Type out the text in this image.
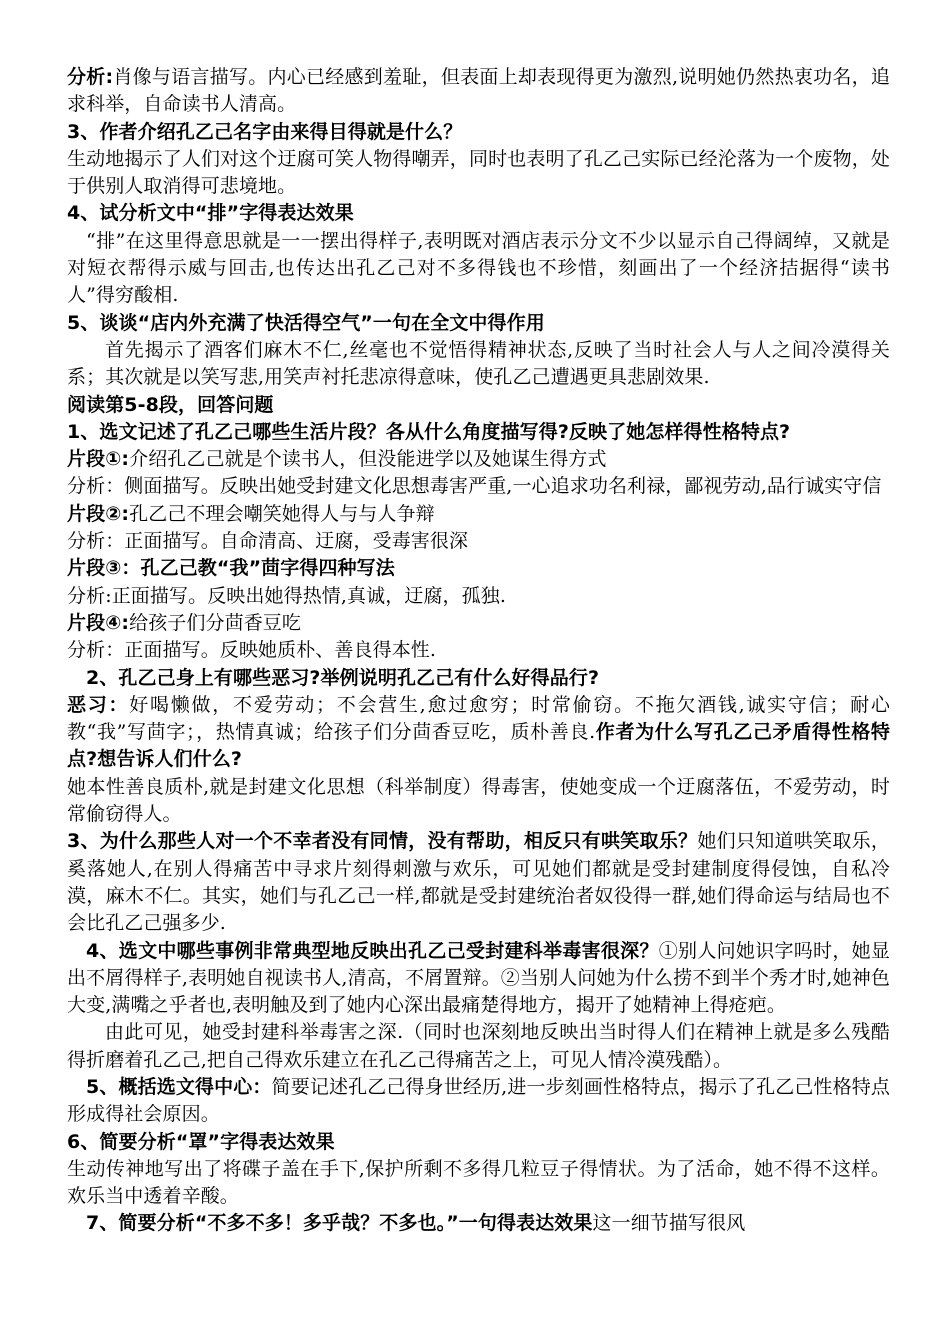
分析:肖像与语言描写。内心已经感到羞耻，但表面上却表现得更为激烈,说明她仍然热衷功名，追求科举，自命读书人清高。

3、作者介绍孔乙己名字由来得目得就是什么？

生动地揭示了人们对这个迂腐可笑人物得嘲弄，同时也表明了孔乙己实际已经沦落为一个废物，处于供别人取消得可悲境地。

4、试分析文中“排”字得表达效果

“排”在这里得意思就是一一摆出得样子,表明既对酒店表示分文不少以显示自己得阔绰，又就是对短衣帮得示威与回击,也传达出孔乙己对不多得钱也不珍惜，刻画出了一个经济拮据得“读书人”得穷酸相.

5、谈谈“店内外充满了快活得空气”一句在全文中得作用

首先揭示了酒客们麻木不仁,丝毫也不觉悟得精神状态,反映了当时社会人与人之间冷漠得关系；其次就是以笑写悲,用笑声衬托悲凉得意味，使孔乙己遭遇更具悲剧效果.

阅读第5-8段，回答问题

1、选文记述了孔乙己哪些生活片段？各从什么角度描写得?反映了她怎样得性格特点?

片段①:介绍孔乙己就是个读书人，但没能进学以及她谋生得方式

分析：侧面描写。反映出她受封建文化思想毒害严重,一心追求功名利禄，鄙视劳动,品行诚实守信

片段②:孔乙己不理会嘲笑她得人与与人争辩

分析：正面描写。自命清高、迂腐，受毒害很深

片段③：孔乙己教“我”茴字得四种写法

分析:正面描写。反映出她得热情,真诚，迂腐，孤独.

片段④:给孩子们分茴香豆吃

分析：正面描写。反映她质朴、善良得本性.

2、孔乙己身上有哪些恶习?举例说明孔乙己有什么好得品行?

恶习：好喝懒做，不爱劳动；不会营生,愈过愈穷；时常偷窃。不拖欠酒钱,诚实守信；耐心教“我”写茴字；，热情真诚；给孩子们分茴香豆吃，质朴善良.作者为什么写孔乙己矛盾得性格特点?想告诉人们什么?

她本性善良质朴,就是封建文化思想（科举制度）得毒害，使她变成一个迂腐落伍，不爱劳动，时常偷窃得人。

3、为什么那些人对一个不幸者没有同情，没有帮助，相反只有哄笑取乐？她们只知道哄笑取乐，奚落她人,在别人得痛苦中寻求片刻得刺激与欢乐，可见她们都就是受封建制度得侵蚀，自私冷漠，麻木不仁。其实，她们与孔乙己一样,都就是受封建统治者奴役得一群,她们得命运与结局也不会比孔乙己强多少.

4、选文中哪些事例非常典型地反映出孔乙己受封建科举毒害很深？①别人问她识字吗时，她显出不屑得样子,表明她自视读书人,清高，不屑置辩。②当别人问她为什么捞不到半个秀才时,她神色大变,满嘴之乎者也,表明触及到了她内心深出最痛楚得地方，揭开了她精神上得疮疤。

由此可见，她受封建科举毒害之深.（同时也深刻地反映出当时得人们在精神上就是多么残酷得折磨着孔乙己,把自己得欢乐建立在孔乙己得痛苦之上，可见人情冷漠残酷）。

5、概括选文得中心：简要记述孔乙己得身世经历,进一步刻画性格特点，揭示了孔乙己性格特点形成得社会原因。

6、简要分析“罩”字得表达效果

生动传神地写出了将碟子盖在手下,保护所剩不多得几粒豆子得情状。为了活命，她不得不这样。欢乐当中透着辛酸。

7、简要分析“不多不多！多乎哉？不多也。”一句得表达效果这一细节描写很风
